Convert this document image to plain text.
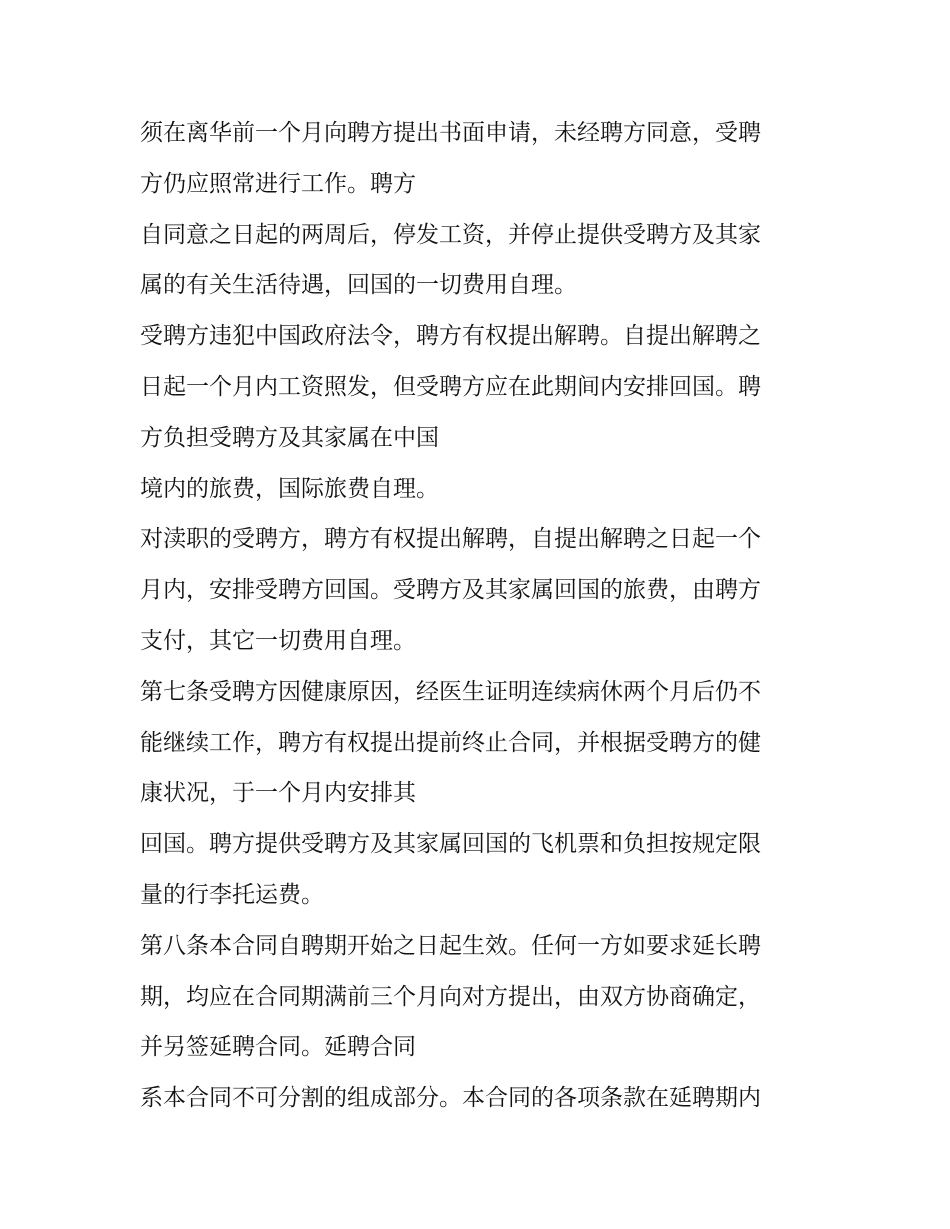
须在离华前一个月向聘方提出书面申请，未经聘方同意，受聘
方仍应照常进行工作。聘方
自同意之日起的两周后，停发工资，并停止提供受聘方及其家
属的有关生活待遇，回国的一切费用自理。
受聘方违犯中国政府法令，聘方有权提出解聘。自提出解聘之
日起一个月内工资照发，但受聘方应在此期间内安排回国。聘
方负担受聘方及其家属在中国
境内的旅费，国际旅费自理。
对渎职的受聘方，聘方有权提出解聘，自提出解聘之日起一个
月内，安排受聘方回国。受聘方及其家属回国的旅费，由聘方
支付，其它一切费用自理。
第七条受聘方因健康原因，经医生证明连续病休两个月后仍不
能继续工作，聘方有权提出提前终止合同，并根据受聘方的健
康状况，于一个月内安排其
回国。聘方提供受聘方及其家属回国的飞机票和负担按规定限
量的行李托运费。
第八条本合同自聘期开始之日起生效。任何一方如要求延长聘
期，均应在合同期满前三个月向对方提出，由双方协商确定，
并另签延聘合同。延聘合同
系本合同不可分割的组成部分。本合同的各项条款在延聘期内
